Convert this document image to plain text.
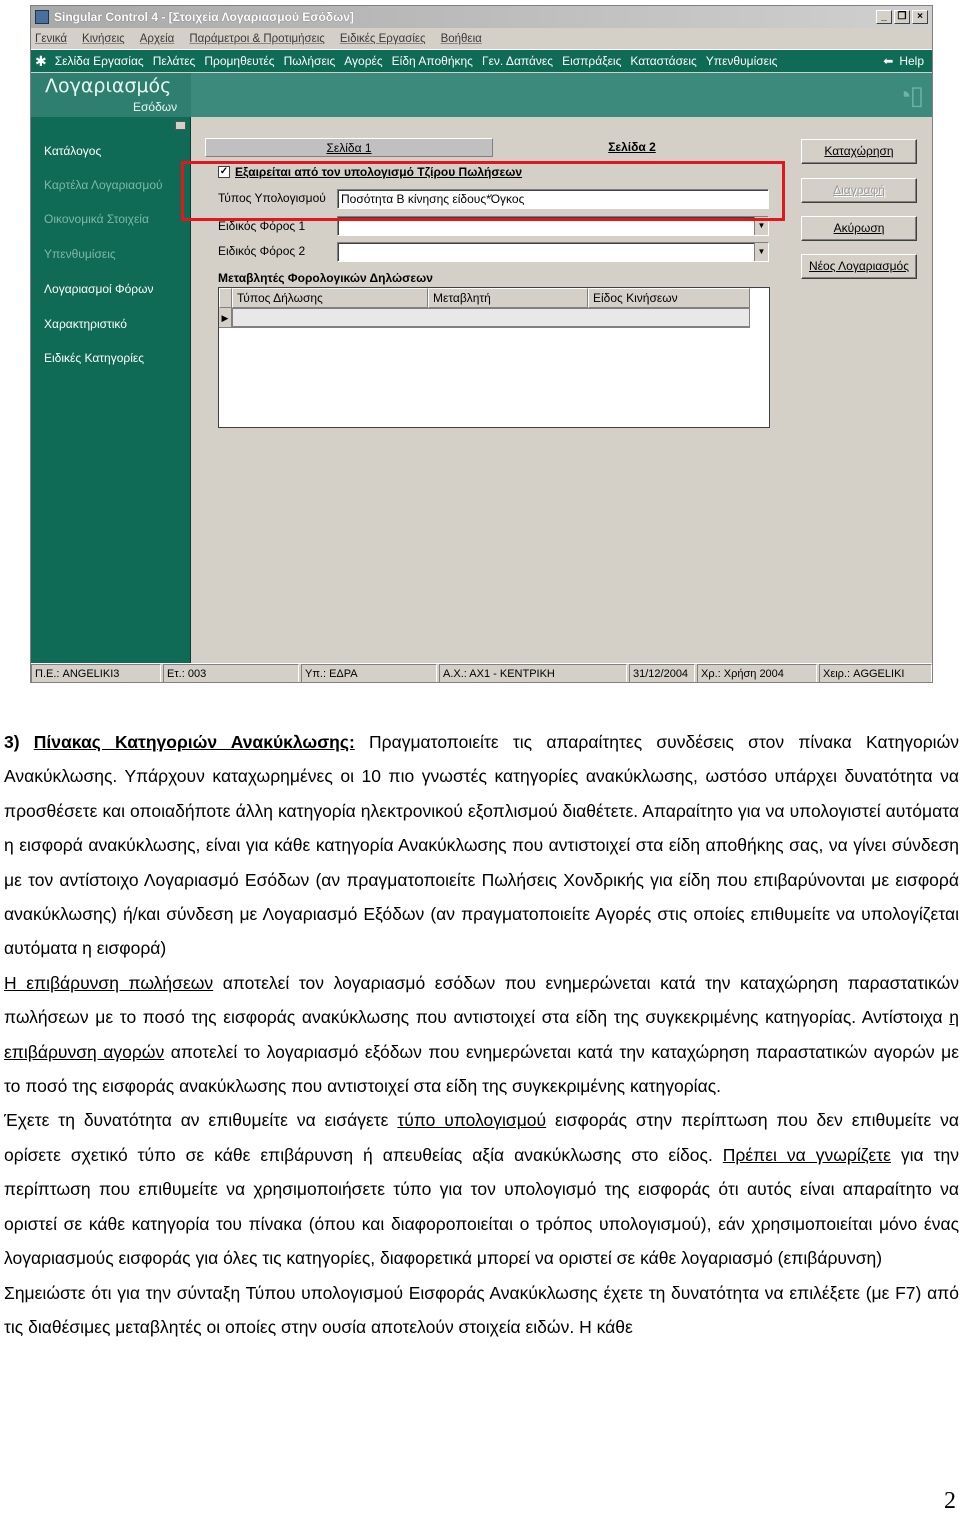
Singular Control 4 - [Στοιχεία Λογαριασμού Εσόδων]	_	❐	×
Γενικά Κινήσεις Αρχεία Παράμετροι & Προτιμήσεις Ειδικές Εργασίες Βοήθεια
✱ Σελίδα Εργασίας Πελάτες Προμηθευτές Πωλήσεις Αγορές Είδη Αποθήκης Γεν. Δαπάνες Εισπράξεις Καταστάσεις Υπενθυμίσεις	⬅ Help
Λογαριασμός
Εσόδων	◔▯
Κατάλογος
Καρτέλα Λογαριασμού
Οικονομικά Στοιχεία
Υπενθυμίσεις
Λογαριασμοί Φόρων
Χαρακτηριστικό
Ειδικές Κατηγορίες
Σελίδα 1	Σελίδα 2
✓ Εξαιρείται από τον υπολογισμό Τζίρου Πωλήσεων
Τύπος Υπολογισμού	Ποσότητα Β κίνησης είδους*Όγκος
Ειδικός Φόρος 1	▼
Ειδικός Φόρος 2	▼
Μεταβλητές Φορολογικών Δηλώσεων
Τύπος Δήλωσης	Μεταβλητή	Είδος Κινήσεων
▶
Καταχώρηση
Διαγραφή
Ακύρωση
Νέος Λογαριασμός
Π.Ε.: ANGELIKI3	Ετ.: 003	Υπ.: ΕΔΡΑ	Α.Χ.: ΑΧ1 - ΚΕΝΤΡΙΚΗ	31/12/2004	Χρ.: Χρήση 2004	Χειρ.: AGGELIKI

3) Πίνακας Κατηγοριών Ανακύκλωσης: Πραγματοποιείτε τις απαραίτητες συνδέσεις στον πίνακα Κατηγοριών Ανακύκλωσης. Υπάρχουν καταχωρημένες οι 10 πιο γνωστές κατηγορίες ανακύκλωσης, ωστόσο υπάρχει δυνατότητα να προσθέσετε και οποιαδήποτε άλλη κατηγορία ηλεκτρονικού εξοπλισμού διαθέτετε. Απαραίτητο για να υπολογιστεί αυτόματα η εισφορά ανακύκλωσης, είναι για κάθε κατηγορία Ανακύκλωσης που αντιστοιχεί στα είδη αποθήκης σας, να γίνει σύνδεση με τον αντίστοιχο Λογαριασμό Εσόδων (αν πραγματοποιείτε Πωλήσεις Χονδρικής για είδη που επιβαρύνονται με εισφορά ανακύκλωσης) ή/και σύνδεση με Λογαριασμό Εξόδων (αν πραγματοποιείτε Αγορές στις οποίες επιθυμείτε να υπολογίζεται αυτόματα η εισφορά)

Η επιβάρυνση πωλήσεων αποτελεί τον λογαριασμό εσόδων που ενημερώνεται κατά την καταχώρηση παραστατικών πωλήσεων με το ποσό της εισφοράς ανακύκλωσης που αντιστοιχεί στα είδη της συγκεκριμένης κατηγορίας. Αντίστοιχα η επιβάρυνση αγορών αποτελεί το λογαριασμό εξόδων που ενημερώνεται κατά την καταχώρηση παραστατικών αγορών με το ποσό της εισφοράς ανακύκλωσης που αντιστοιχεί στα είδη της συγκεκριμένης κατηγορίας.

Έχετε τη δυνατότητα αν επιθυμείτε να εισάγετε τύπο υπολογισμού εισφοράς στην περίπτωση που δεν επιθυμείτε να ορίσετε σχετικό τύπο σε κάθε επιβάρυνση ή απευθείας αξία ανακύκλωσης στο είδος. Πρέπει να γνωρίζετε για την περίπτωση που επιθυμείτε να χρησιμοποιήσετε τύπο για τον υπολογισμό της εισφοράς ότι αυτός είναι απαραίτητο να οριστεί σε κάθε κατηγορία του πίνακα (όπου και διαφοροποιείται ο τρόπος υπολογισμού), εάν χρησιμοποιείται μόνο ένας λογαριασμούς εισφοράς για όλες τις κατηγορίες, διαφορετικά μπορεί να οριστεί σε κάθε λογαριασμό (επιβάρυνση)

Σημειώστε ότι για την σύνταξη Τύπου υπολογισμού Εισφοράς Ανακύκλωσης έχετε τη δυνατότητα να επιλέξετε (με F7) από τις διαθέσιμες μεταβλητές οι οποίες στην ουσία αποτελούν στοιχεία ειδών. Η κάθε

2
